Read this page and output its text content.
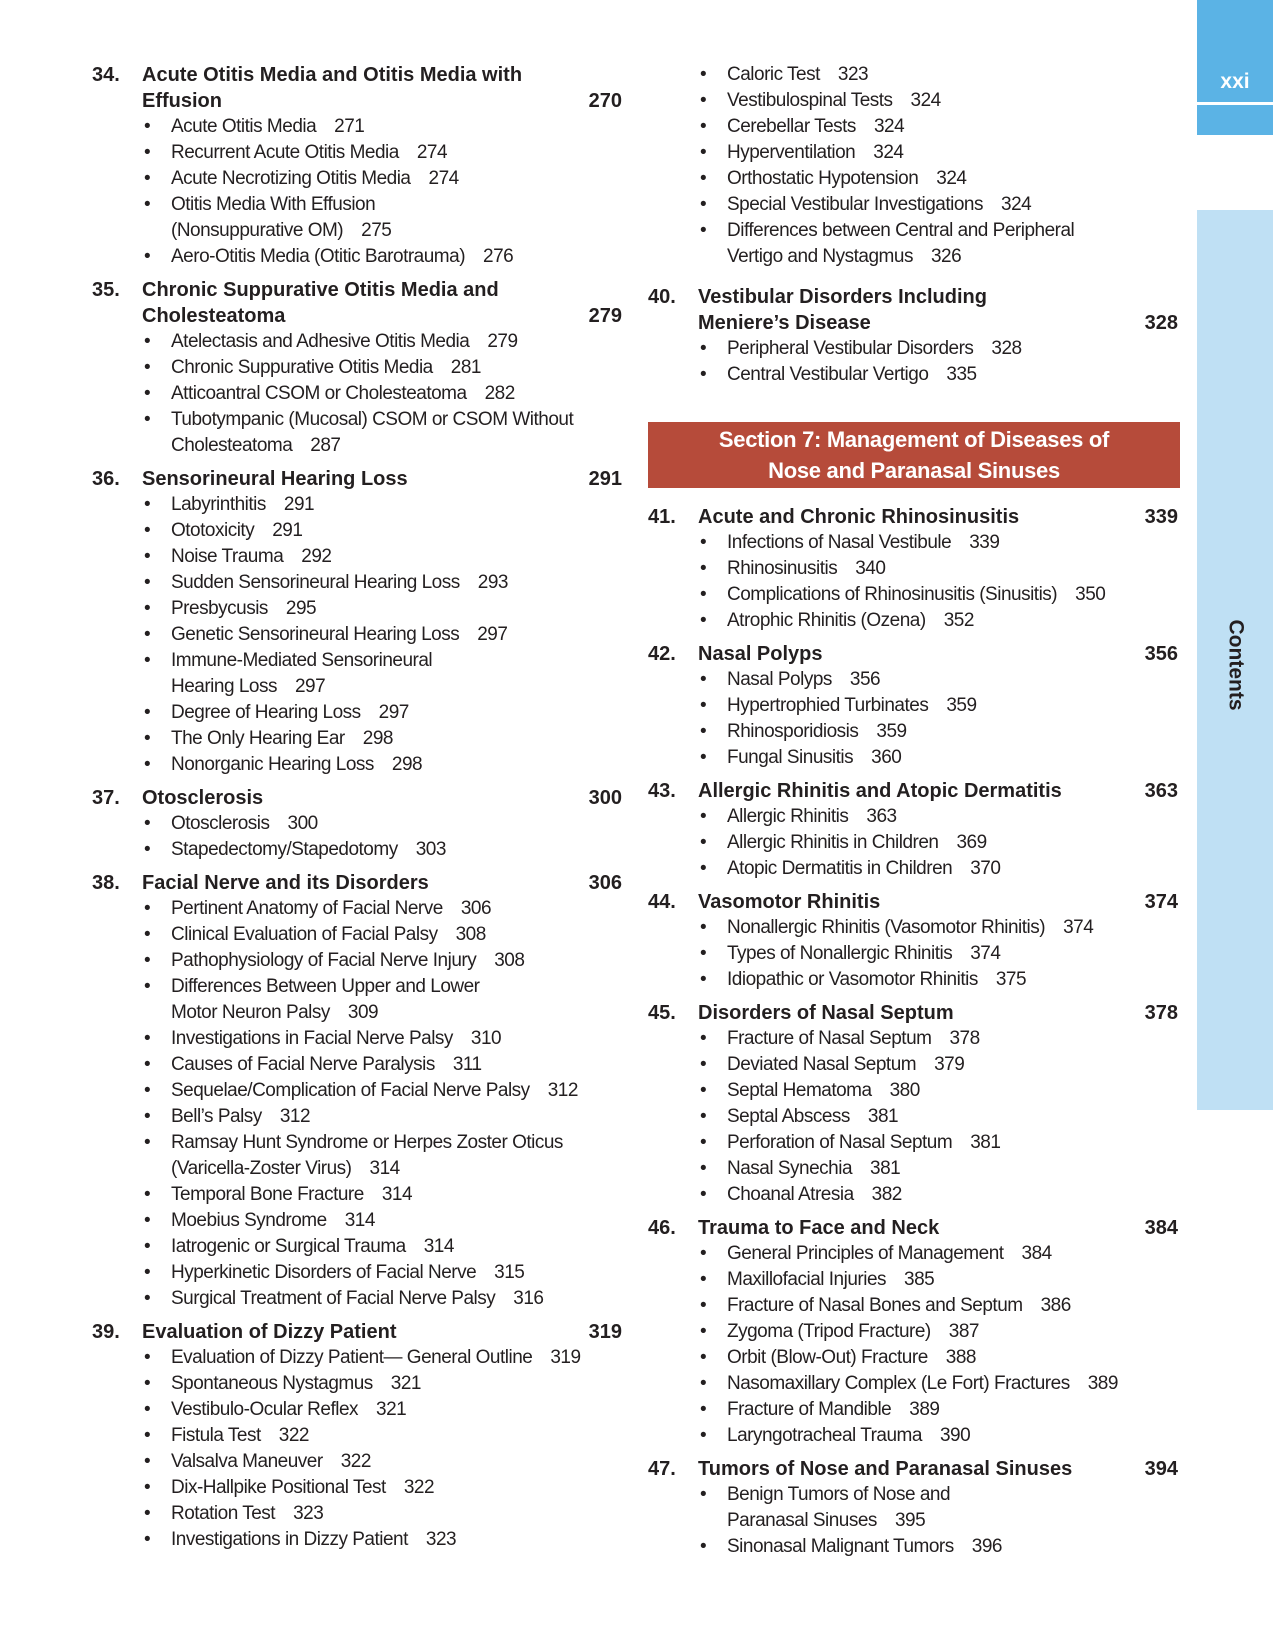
xxi
Contents
34. Acute Otitis Media and Otitis Media with
Effusion	270
• Acute Otitis Media 271
• Recurrent Acute Otitis Media 274
• Acute Necrotizing Otitis Media 274
• Otitis Media With Effusion
(Nonsuppurative OM) 275
• Aero-Otitis Media (Otitic Barotrauma) 276
35. Chronic Suppurative Otitis Media and
Cholesteatoma	279
• Atelectasis and Adhesive Otitis Media 279
• Chronic Suppurative Otitis Media 281
• Atticoantral CSOM or Cholesteatoma 282
• Tubotympanic (Mucosal) CSOM or CSOM Without
Cholesteatoma 287
36. Sensorineural Hearing Loss	291
• Labyrinthitis 291
• Ototoxicity 291
• Noise Trauma 292
• Sudden Sensorineural Hearing Loss 293
• Presbycusis 295
• Genetic Sensorineural Hearing Loss 297
• Immune-Mediated Sensorineural
Hearing Loss 297
• Degree of Hearing Loss 297
• The Only Hearing Ear 298
• Nonorganic Hearing Loss 298
37. Otosclerosis	300
• Otosclerosis 300
• Stapedectomy/Stapedotomy 303
38. Facial Nerve and its Disorders	306
• Pertinent Anatomy of Facial Nerve 306
• Clinical Evaluation of Facial Palsy 308
• Pathophysiology of Facial Nerve Injury 308
• Differences Between Upper and Lower
Motor Neuron Palsy 309
• Investigations in Facial Nerve Palsy 310
• Causes of Facial Nerve Paralysis 311
• Sequelae/Complication of Facial Nerve Palsy 312
• Bell’s Palsy 312
• Ramsay Hunt Syndrome or Herpes Zoster Oticus
(Varicella-Zoster Virus) 314
• Temporal Bone Fracture 314
• Moebius Syndrome 314
• Iatrogenic or Surgical Trauma 314
• Hyperkinetic Disorders of Facial Nerve 315
• Surgical Treatment of Facial Nerve Palsy 316
39. Evaluation of Dizzy Patient	319
• Evaluation of Dizzy Patient— General Outline 319
• Spontaneous Nystagmus 321
• Vestibulo-Ocular Reflex 321
• Fistula Test 322
• Valsalva Maneuver 322
• Dix-Hallpike Positional Test 322
• Rotation Test 323
• Investigations in Dizzy Patient 323
• Caloric Test 323
• Vestibulospinal Tests 324
• Cerebellar Tests 324
• Hyperventilation 324
• Orthostatic Hypotension 324
• Special Vestibular Investigations 324
• Differences between Central and Peripheral
Vertigo and Nystagmus 326
40. Vestibular Disorders Including
Meniere’s Disease	328
• Peripheral Vestibular Disorders 328
• Central Vestibular Vertigo 335
Section 7: Management of Diseases of
Nose and Paranasal Sinuses
41. Acute and Chronic Rhinosinusitis	339
• Infections of Nasal Vestibule 339
• Rhinosinusitis 340
• Complications of Rhinosinusitis (Sinusitis) 350
• Atrophic Rhinitis (Ozena) 352
42. Nasal Polyps	356
• Nasal Polyps 356
• Hypertrophied Turbinates 359
• Rhinosporidiosis 359
• Fungal Sinusitis 360
43. Allergic Rhinitis and Atopic Dermatitis	363
• Allergic Rhinitis 363
• Allergic Rhinitis in Children 369
• Atopic Dermatitis in Children 370
44. Vasomotor Rhinitis	374
• Nonallergic Rhinitis (Vasomotor Rhinitis) 374
• Types of Nonallergic Rhinitis 374
• Idiopathic or Vasomotor Rhinitis 375
45. Disorders of Nasal Septum	378
• Fracture of Nasal Septum 378
• Deviated Nasal Septum 379
• Septal Hematoma 380
• Septal Abscess 381
• Perforation of Nasal Septum 381
• Nasal Synechia 381
• Choanal Atresia 382
46. Trauma to Face and Neck	384
• General Principles of Management 384
• Maxillofacial Injuries 385
• Fracture of Nasal Bones and Septum 386
• Zygoma (Tripod Fracture) 387
• Orbit (Blow-Out) Fracture 388
• Nasomaxillary Complex (Le Fort) Fractures 389
• Fracture of Mandible 389
• Laryngotracheal Trauma 390
47. Tumors of Nose and Paranasal Sinuses	394
• Benign Tumors of Nose and
Paranasal Sinuses 395
• Sinonasal Malignant Tumors 396
